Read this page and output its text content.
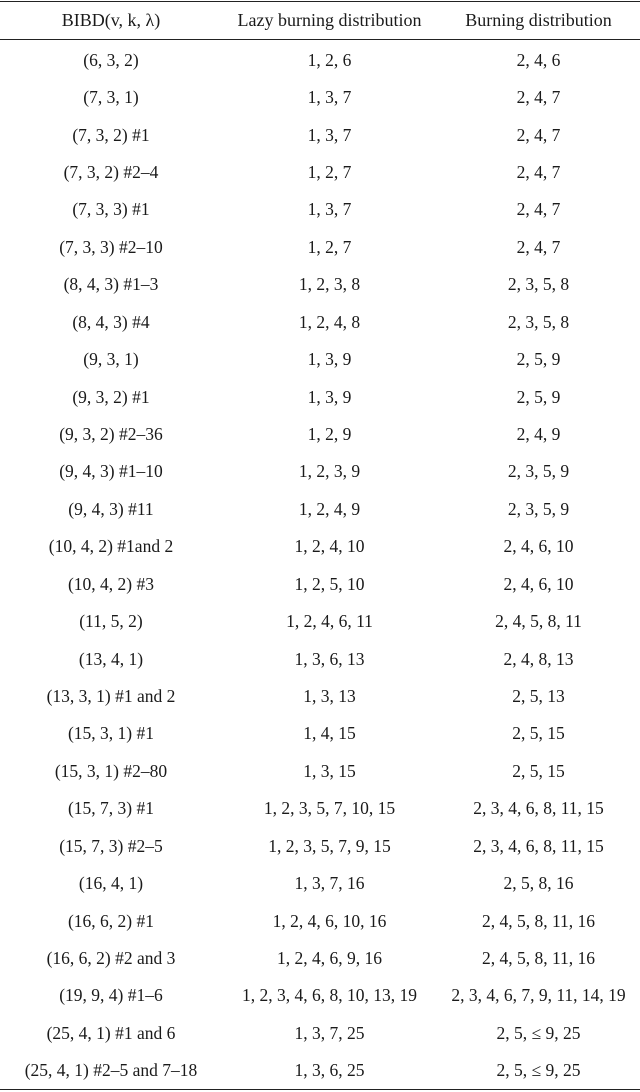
BIBD(v, k, λ)	Lazy burning distribution	Burning distribution
(6, 3, 2)	1, 2, 6	2, 4, 6
(7, 3, 1)	1, 3, 7	2, 4, 7
(7, 3, 2) #1	1, 3, 7	2, 4, 7
(7, 3, 2) #2–4	1, 2, 7	2, 4, 7
(7, 3, 3) #1	1, 3, 7	2, 4, 7
(7, 3, 3) #2–10	1, 2, 7	2, 4, 7
(8, 4, 3) #1–3	1, 2, 3, 8	2, 3, 5, 8
(8, 4, 3) #4	1, 2, 4, 8	2, 3, 5, 8
(9, 3, 1)	1, 3, 9	2, 5, 9
(9, 3, 2) #1	1, 3, 9	2, 5, 9
(9, 3, 2) #2–36	1, 2, 9	2, 4, 9
(9, 4, 3) #1–10	1, 2, 3, 9	2, 3, 5, 9
(9, 4, 3) #11	1, 2, 4, 9	2, 3, 5, 9
(10, 4, 2) #1and 2	1, 2, 4, 10	2, 4, 6, 10
(10, 4, 2) #3	1, 2, 5, 10	2, 4, 6, 10
(11, 5, 2)	1, 2, 4, 6, 11	2, 4, 5, 8, 11
(13, 4, 1)	1, 3, 6, 13	2, 4, 8, 13
(13, 3, 1) #1 and 2	1, 3, 13	2, 5, 13
(15, 3, 1) #1	1, 4, 15	2, 5, 15
(15, 3, 1) #2–80	1, 3, 15	2, 5, 15
(15, 7, 3) #1	1, 2, 3, 5, 7, 10, 15	2, 3, 4, 6, 8, 11, 15
(15, 7, 3) #2–5	1, 2, 3, 5, 7, 9, 15	2, 3, 4, 6, 8, 11, 15
(16, 4, 1)	1, 3, 7, 16	2, 5, 8, 16
(16, 6, 2) #1	1, 2, 4, 6, 10, 16	2, 4, 5, 8, 11, 16
(16, 6, 2) #2 and 3	1, 2, 4, 6, 9, 16	2, 4, 5, 8, 11, 16
(19, 9, 4) #1–6	1, 2, 3, 4, 6, 8, 10, 13, 19	2, 3, 4, 6, 7, 9, 11, 14, 19
(25, 4, 1) #1 and 6	1, 3, 7, 25	2, 5, ≤ 9, 25
(25, 4, 1) #2–5 and 7–18	1, 3, 6, 25	2, 5, ≤ 9, 25
